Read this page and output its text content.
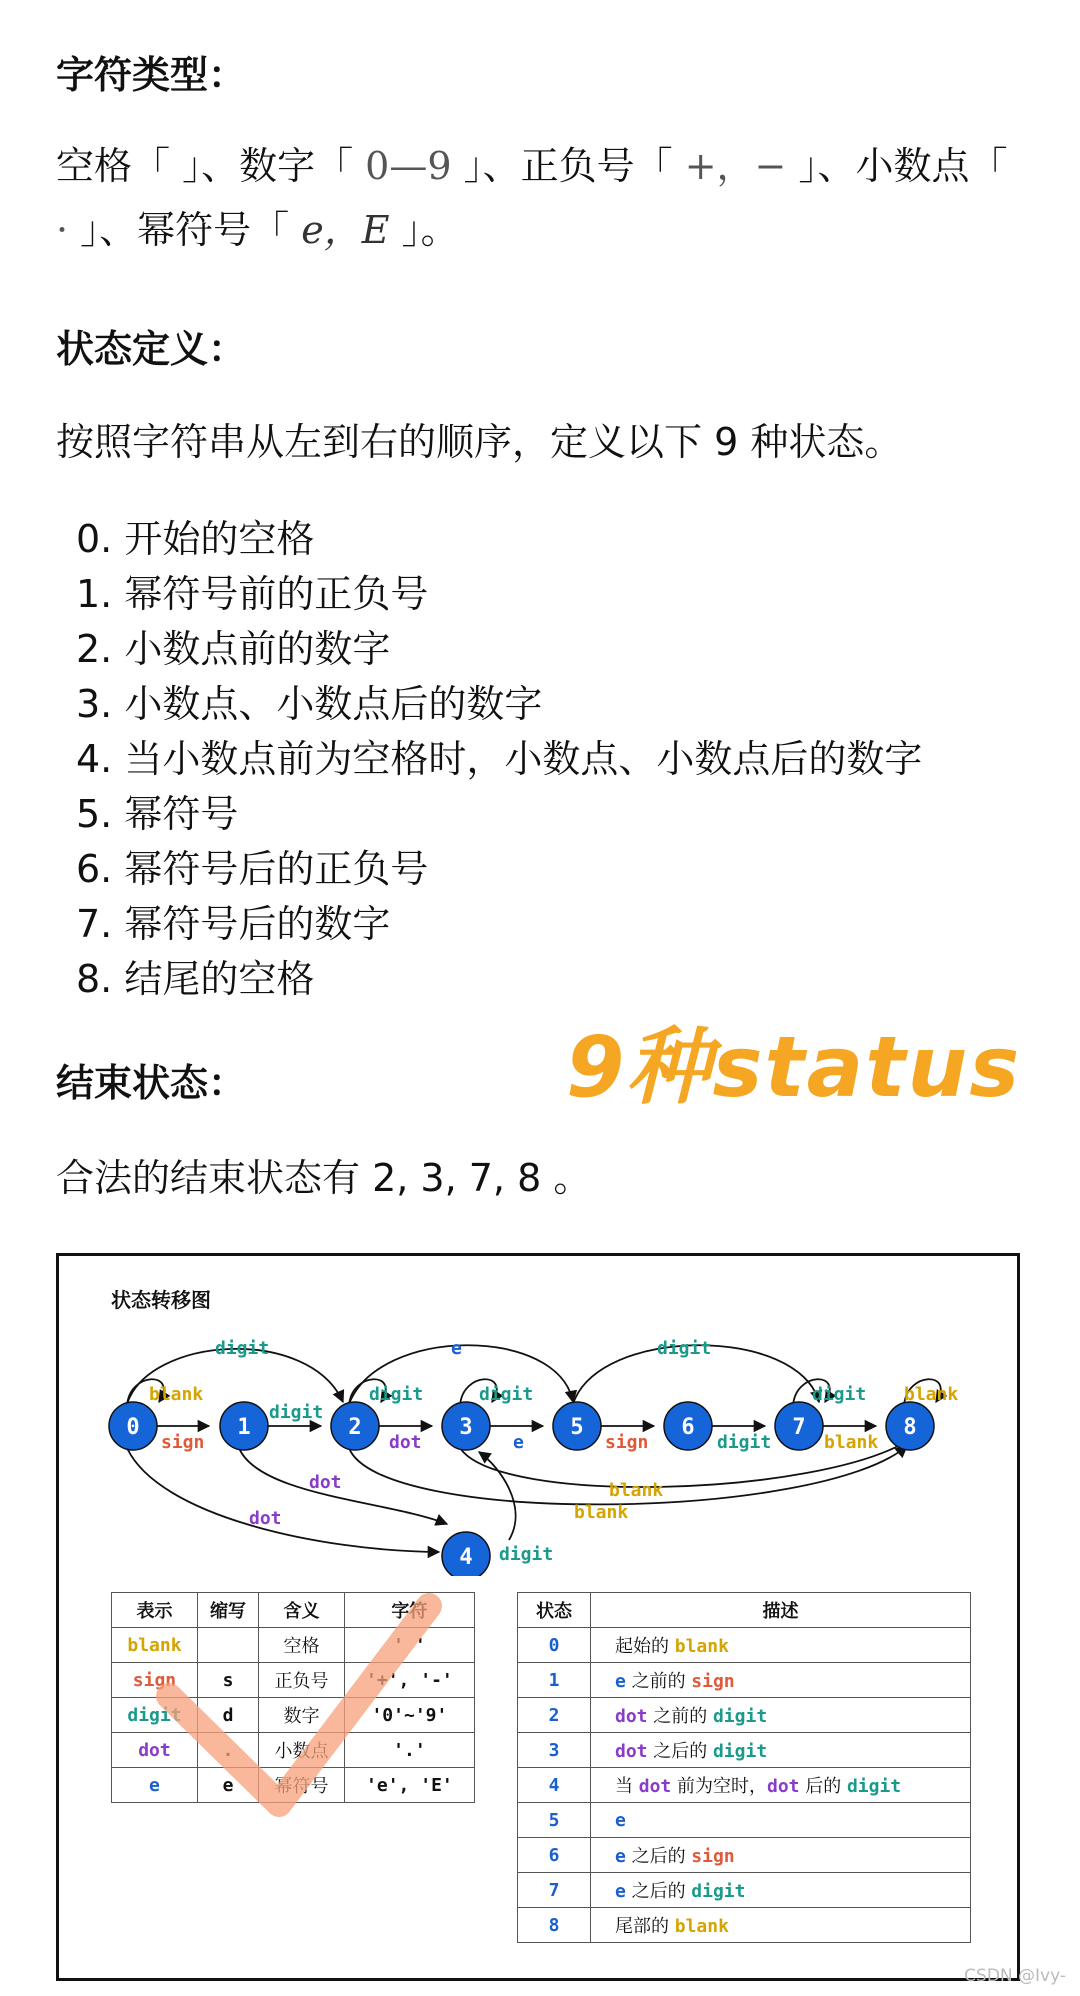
字符类型：
空格「 」、数字「 0—9 」、正负号「 +，− 」、小数点「 · 」、幂符号「 e，E 」。
状态定义：
按照字符串从左到右的顺序，定义以下 9 种状态。
0. 开始的空格
1. 幂符号前的正负号
2. 小数点前的数字
3. 小数点、小数点后的数字
4. 当小数点前为空格时，小数点、小数点后的数字
5. 幂符号
6. 幂符号后的正负号
7. 幂符号后的数字
8. 结尾的空格
结束状态：	9种status
合法的结束状态有 2, 3, 7, 8 。
状态转移图
0	1	2	3	5	6	7	8
4
digit	e	digit
blank	digit	digit	digit blank
sign
digit
dot	e	sign	digit	blank
dot
dot
blank
blank
digit
表示	缩写	含义	字符
blank		空格	' '
sign	s	正负号	'+', '-'
digit	d	数字	'0'~'9'
dot	.	小数点	'.'
e	e	幂符号	'e', 'E'
状态	描述
0	起始的 blank
1	e 之前的 sign
2	dot 之前的 digit
3	dot 之后的 digit
4	当 dot 前为空时，dot 后的 digit
5	e
6	e 之后的 sign
7	e 之后的 digit
8	尾部的 blank
CSDN @Ivy-
